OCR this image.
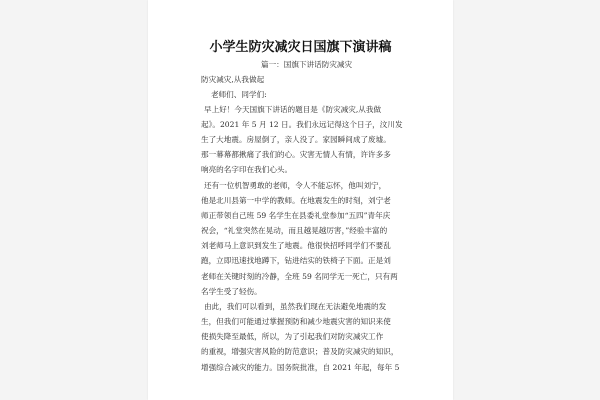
小学生防灾减灾日国旗下演讲稿
篇一：国旗下讲话防灾减灾
防灾减灾,从我做起
老师们、同学们:
早上好！今天国旗下讲话的题目是《防灾减灾,从我做
起》。2021 年 5 月 12 日。我们永远记得这个日子，汶川发
生了大地震。房屋倒了，亲人没了。家园瞬间成了废墟。
那一幕幕都揪痛了我们的心。灾害无情人有情，许许多多
响亮的名字印在我们心头。
还有一位机智勇敢的老师，令人不能忘怀，他叫刘宁，
他是北川县第一中学的教师。在地震发生的时刻，刘宁老
师正带领自己班 59 名学生在县委礼堂参加“五四”青年庆
祝会，“礼堂突然在晃动，而且越晃越厉害，”经验丰富的
刘老师马上意识到发生了地震。他很快招呼同学们不要乱
跑，立即迅速找地蹲下，钻进结实的铁椅子下面。正是刘
老师在关键时刻的冷静，全班 59 名同学无一死亡，只有两
名学生受了轻伤。
由此，我们可以看到，虽然我们现在无法避免地震的发
生，但我们可能通过掌握预防和减少地震灾害的知识来使
使损失降至最低，所以，为了引起我们对防灾减灾工作
的重视，增强灾害风险的防范意识；普及防灾减灾的知识，
增强综合减灾的能力。国务院批准，自 2021 年起，每年 5
